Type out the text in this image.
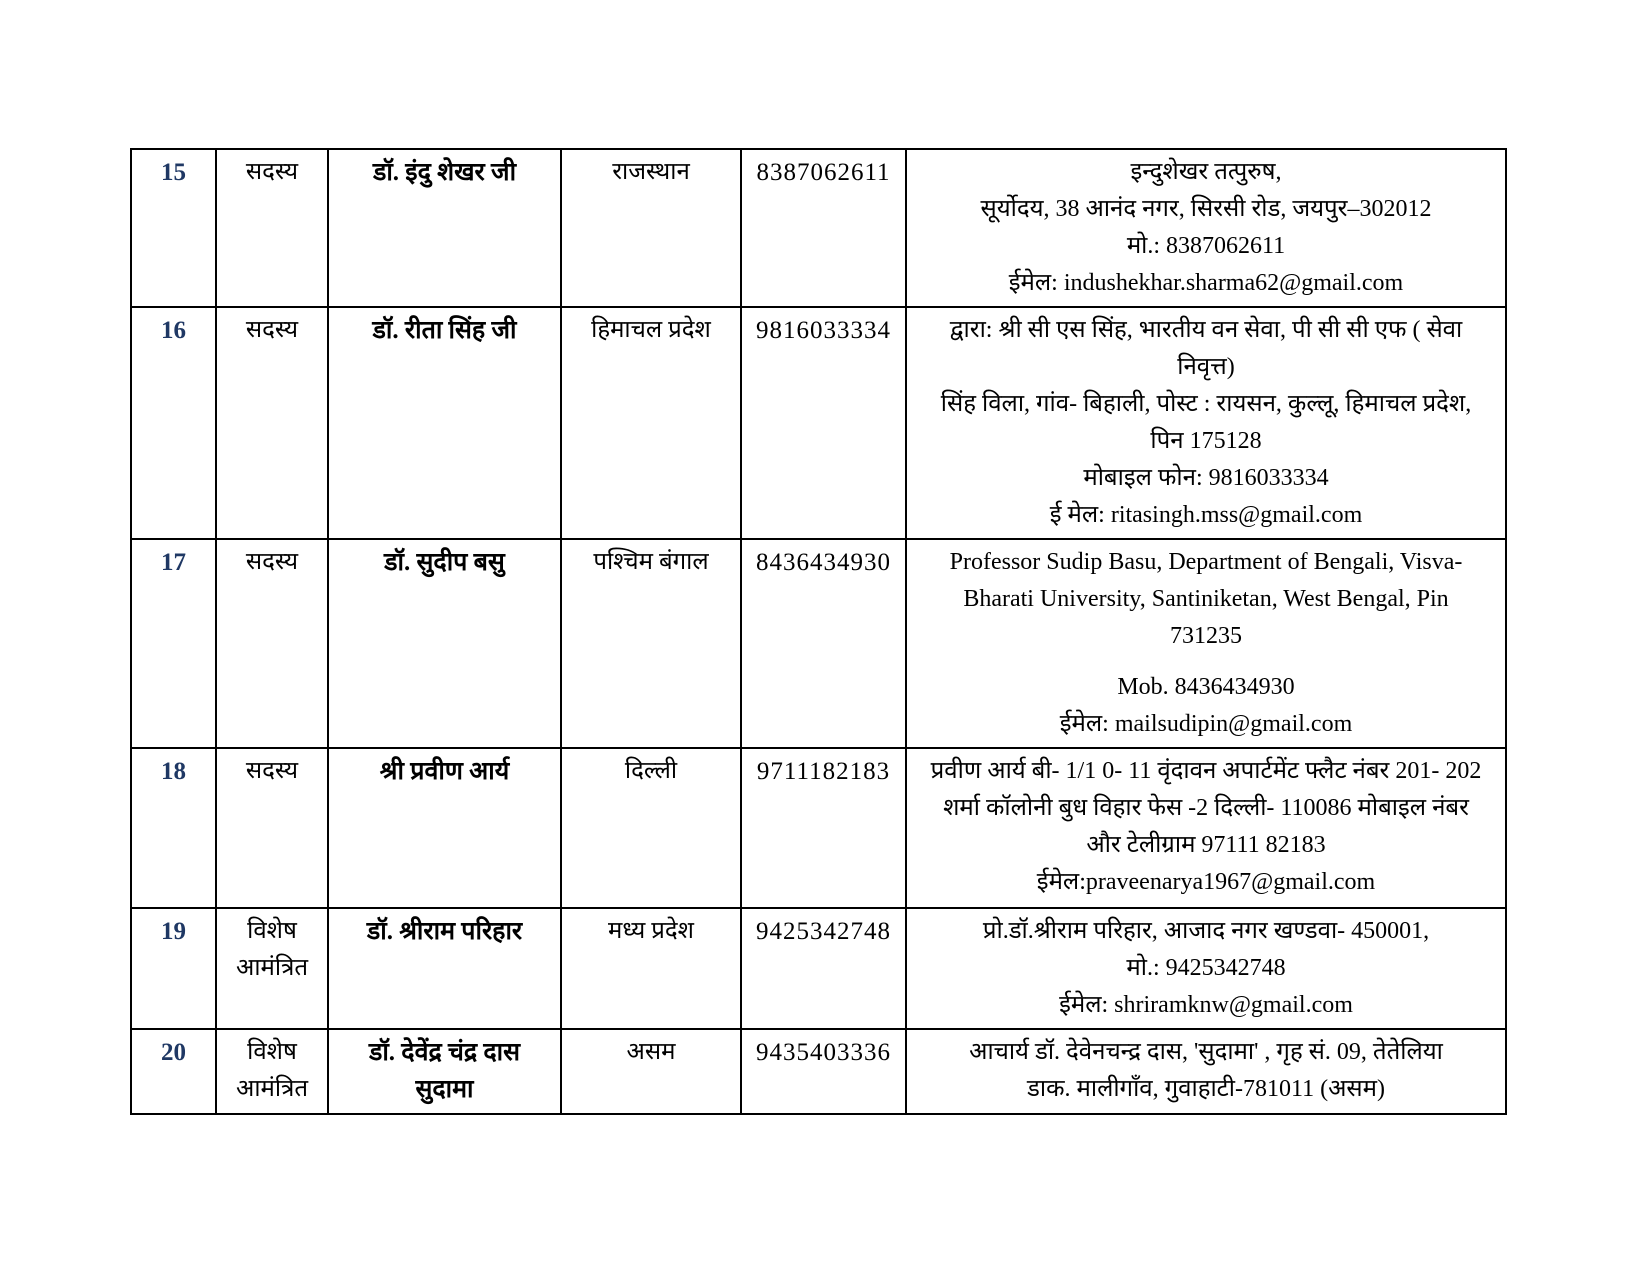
15	सदस्य	डॉ. इंदु शेखर जी	राजस्थान	8387062611	इन्दुशेखर तत्पुरुष,
सूर्योदय, 38 आनंद नगर, सिरसी रोड, जयपुर–302012
मो.: 8387062611
ईमेल: indushekhar.sharma62@gmail.com

16	सदस्य	डॉ. रीता सिंह जी	हिमाचल प्रदेश	9816033334	द्वारा: श्री सी एस सिंह, भारतीय वन सेवा, पी सी सी एफ ( सेवा
निवृत्त)
सिंह विला, गांव- बिहाली, पोस्ट : रायसन, कुल्लू, हिमाचल प्रदेश,
पिन 175128
मोबाइल फोन: 9816033334
ई मेल: ritasingh.mss@gmail.com

17	सदस्य	डॉ. सुदीप बसु	पश्चिम बंगाल	8436434930	Professor Sudip Basu, Department of Bengali, Visva-
Bharati University, Santiniketan, West Bengal, Pin
731235
Mob. 8436434930
ईमेल: mailsudipin@gmail.com

18	सदस्य	श्री प्रवीण आर्य	दिल्ली	9711182183	प्रवीण आर्य बी- 1/1 0- 11 वृंदावन अपार्टमेंट फ्लैट नंबर 201- 202
शर्मा कॉलोनी बुध विहार फेस -2 दिल्ली- 110086 मोबाइल नंबर
और टेलीग्राम 97111 82183
ईमेल:praveenarya1967@gmail.com

19	विशेष आमंत्रित	डॉ. श्रीराम परिहार	मध्य प्रदेश	9425342748	प्रो.डॉ.श्रीराम परिहार, आजाद नगर खण्डवा- 450001,
मो.: 9425342748
ईमेल: shriramknw@gmail.com

20	विशेष आमंत्रित	डॉ. देवेंद्र चंद्र दास सुदामा	असम	9435403336	आचार्य डॉ. देवेनचन्द्र दास, 'सुदामा' , गृह सं. 09, तेतेलिया
डाक. मालीगाँव, गुवाहाटी-781011 (असम)
